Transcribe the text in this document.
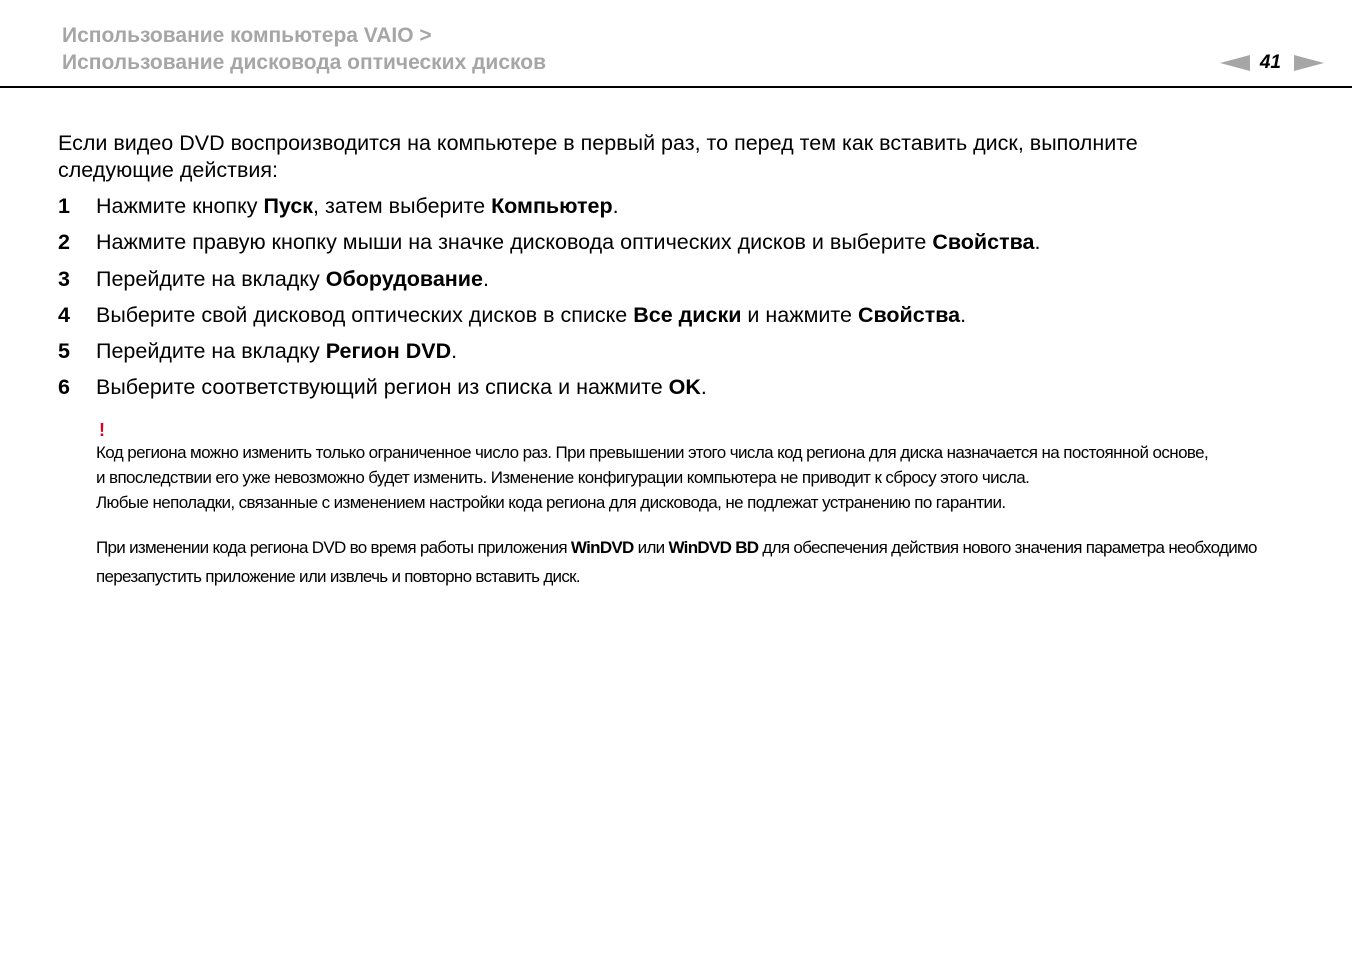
Использование компьютера VAIO >
Использование дисковода оптических дисков	41
Если видео DVD воспроизводится на компьютере в первый раз, то перед тем как вставить диск, выполните
следующие действия:
1 Нажмите кнопку Пуск, затем выберите Компьютер.
2 Нажмите правую кнопку мыши на значке дисковода оптических дисков и выберите Свойства.
3 Перейдите на вкладку Оборудование.
4 Выберите свой дисковод оптических дисков в списке Все диски и нажмите Свойства.
5 Перейдите на вкладку Регион DVD.
6 Выберите соответствующий регион из списка и нажмите OK.
!
Код региона можно изменить только ограниченное число раз. При превышении этого числа код региона для диска назначается на постоянной основе,
и впоследствии его уже невозможно будет изменить. Изменение конфигурации компьютера не приводит к сбросу этого числа.
Любые неполадки, связанные с изменением настройки кода региона для дисковода, не подлежат устранению по гарантии.
При изменении кода региона DVD во время работы приложения WinDVD или WinDVD BD для обеспечения действия нового значения параметра необходимо
перезапустить приложение или извлечь и повторно вставить диск.
